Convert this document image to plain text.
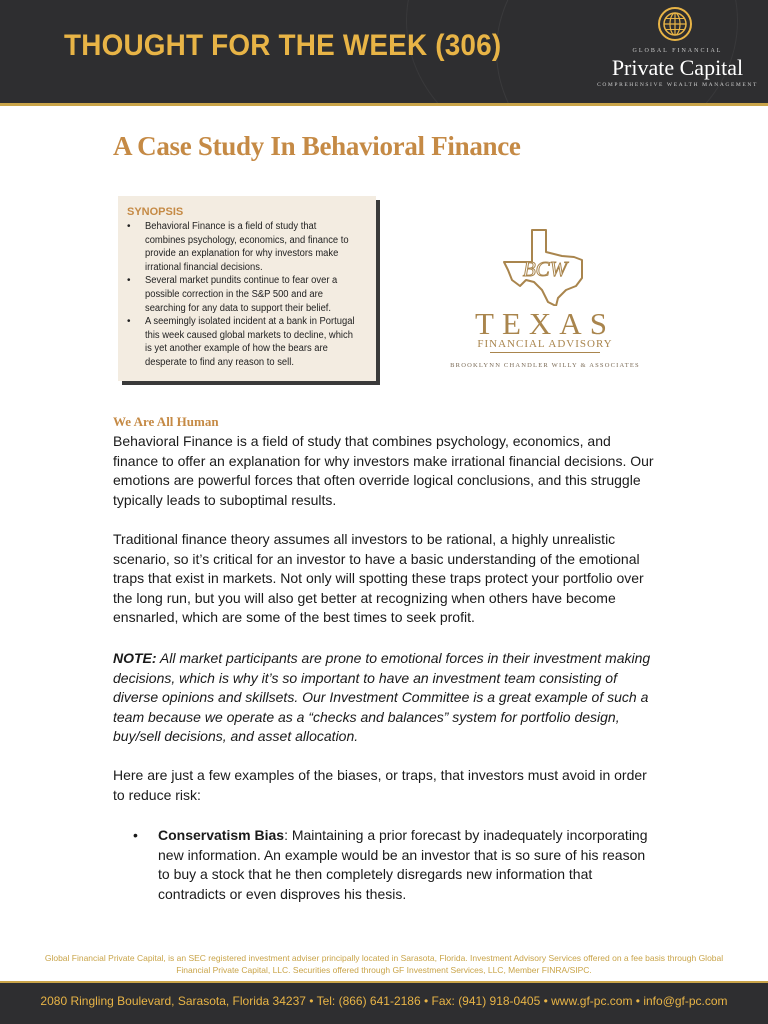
THOUGHT FOR THE WEEK (306)	GLOBAL FINANCIAL
Private Capital
COMPREHENSIVE WEALTH MANAGEMENT
A Case Study In Behavioral Finance
SYNOPSIS
• Behavioral Finance is a field of study that combines psychology, economics, and finance to provide an explanation for why investors make irrational financial decisions.
• Several market pundits continue to fear over a possible correction in the S&P 500 and are searching for any data to support their belief.
• A seemingly isolated incident at a bank in Portugal this week caused global markets to decline, which is yet another example of how the bears are desperate to find any reason to sell.
BCW
TEXAS
FINANCIAL ADVISORY
BROOKLYNN CHANDLER WILLY & ASSOCIATES
We Are All Human

Behavioral Finance is a field of study that combines psychology, economics, and finance to offer an explanation for why investors make irrational financial decisions. Our emotions are powerful forces that often override logical conclusions, and this struggle typically leads to suboptimal results.

Traditional finance theory assumes all investors to be rational, a highly unrealistic scenario, so it’s critical for an investor to have a basic understanding of the emotional traps that exist in markets. Not only will spotting these traps protect your portfolio over the long run, but you will also get better at recognizing when others have become ensnarled, which are some of the best times to seek profit.

NOTE: All market participants are prone to emotional forces in their investment making decisions, which is why it’s so important to have an investment team consisting of diverse opinions and skillsets. Our Investment Committee is a great example of such a team because we operate as a “checks and balances” system for portfolio design, buy/sell decisions, and asset allocation.

Here are just a few examples of the biases, or traps, that investors must avoid in order to reduce risk:

• Conservatism Bias: Maintaining a prior forecast by inadequately incorporating new information. An example would be an investor that is so sure of his reason to buy a stock that he then completely disregards new information that contradicts or even disproves his thesis.
Global Financial Private Capital, is an SEC registered investment adviser principally located in Sarasota, Florida. Investment Advisory Services offered on a fee basis through Global Financial Private Capital, LLC. Securities offered through GF Investment Services, LLC, Member FINRA/SIPC.
2080 Ringling Boulevard, Sarasota, Florida 34237 • Tel: (866) 641-2186 • Fax: (941) 918-0405 • www.gf-pc.com • info@gf-pc.com
